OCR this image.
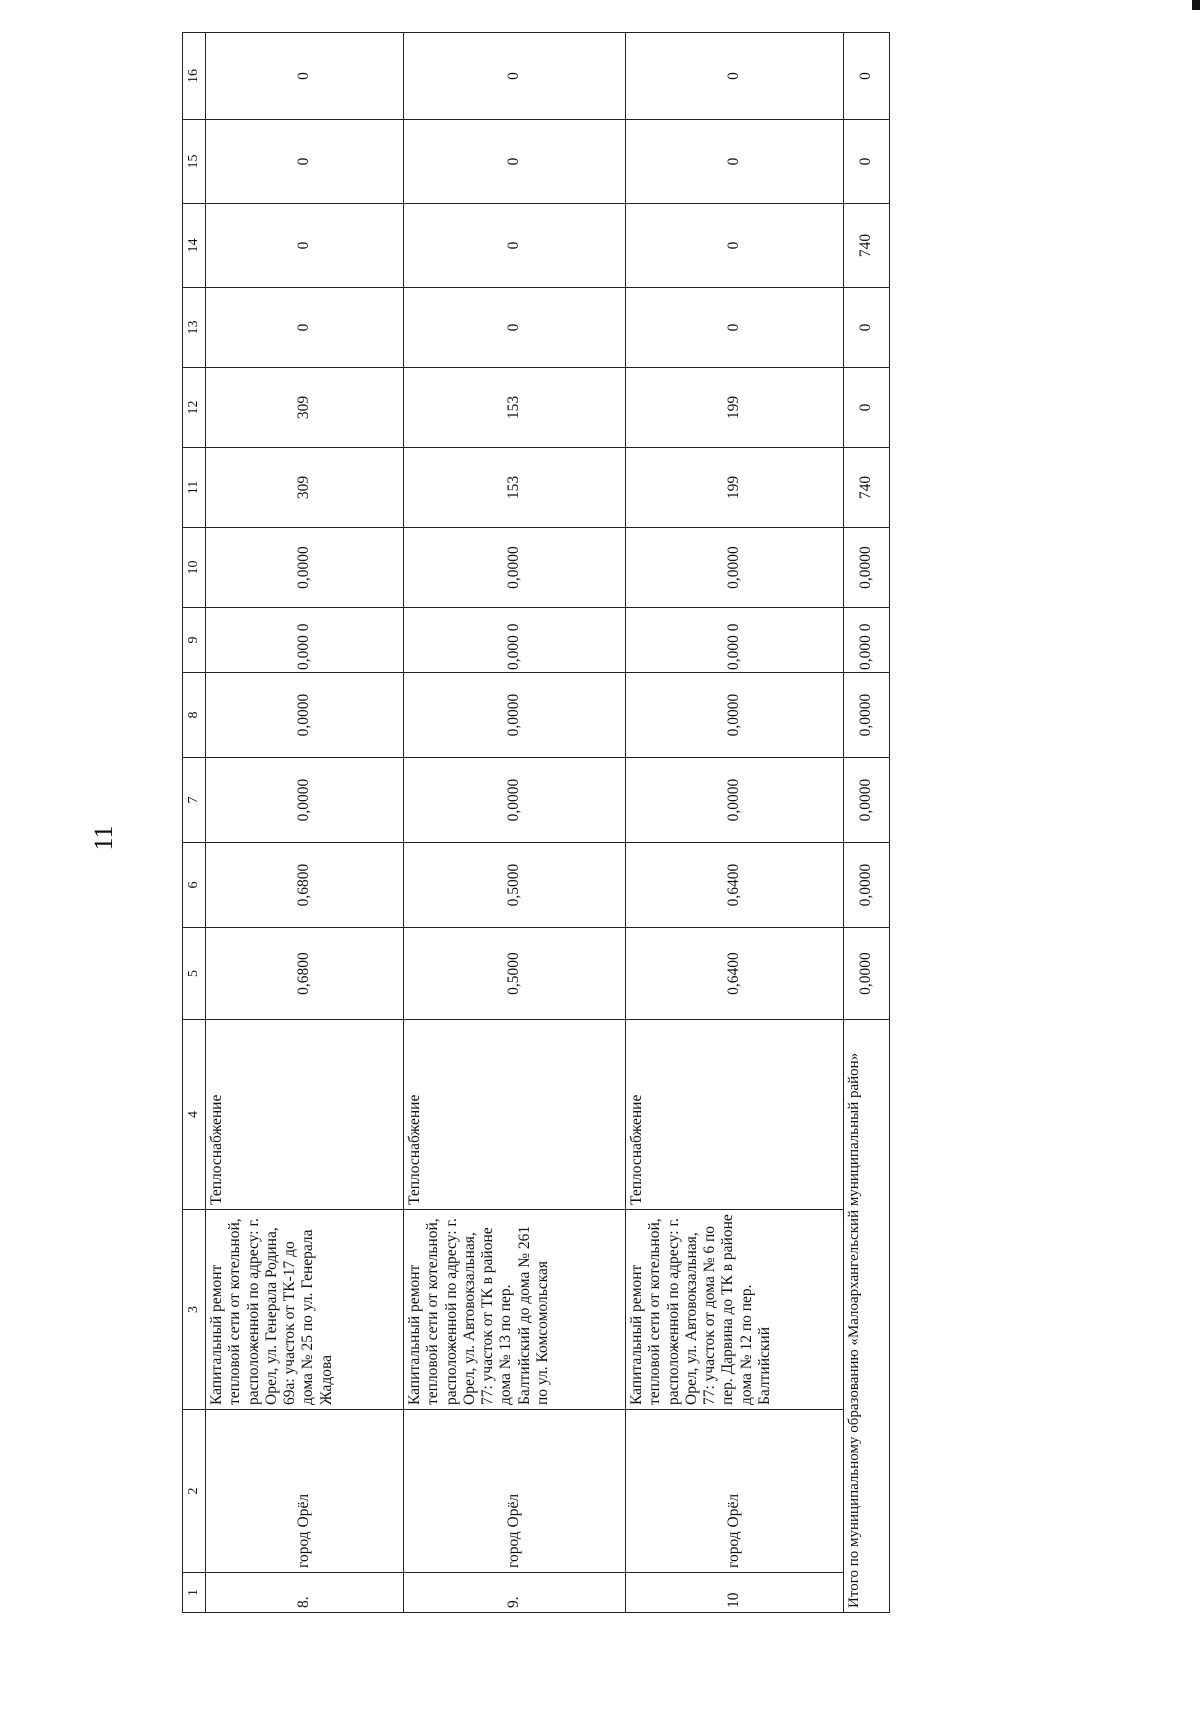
11
1	2	3	4	5	6	7	8	9	10	11	12	13	14	15	16
8.	город Орёл	Капитальный ремонт тепловой сети от котельной, расположенной по адресу: г. Орел, ул. Генерала Родина, 69а: участок от ТК-17 до дома № 25 по ул. Генерала Жадова	Теплоснабжение	0,6800	0,6800	0,0000	0,0000	0,000 0	0,0000	309	309	0	0	0	0
9.	город Орёл	Капитальный ремонт тепловой сети от котельной, расположенной по адресу: г. Орел, ул. Автовокзальная, 77: участок от ТК в районе дома № 13 по пер. Балтийский до дома № 261 по ул. Комсомольская	Теплоснабжение	0,5000	0,5000	0,0000	0,0000	0,000 0	0,0000	153	153	0	0	0	0
10	город Орёл	Капитальный ремонт тепловой сети от котельной, расположенной по адресу: г. Орел, ул. Автовокзальная, 77: участок от дома № 6 по пер. Дарвина до ТК в районе дома № 12 по пер. Балтийский	Теплоснабжение	0,6400	0,6400	0,0000	0,0000	0,000 0	0,0000	199	199	0	0	0	0
Итого по муниципальному образованию «Малоархангельский муниципальный район»				0,0000	0,0000	0,0000	0,0000	0,000 0	0,0000	740	0	0	740	0	0
